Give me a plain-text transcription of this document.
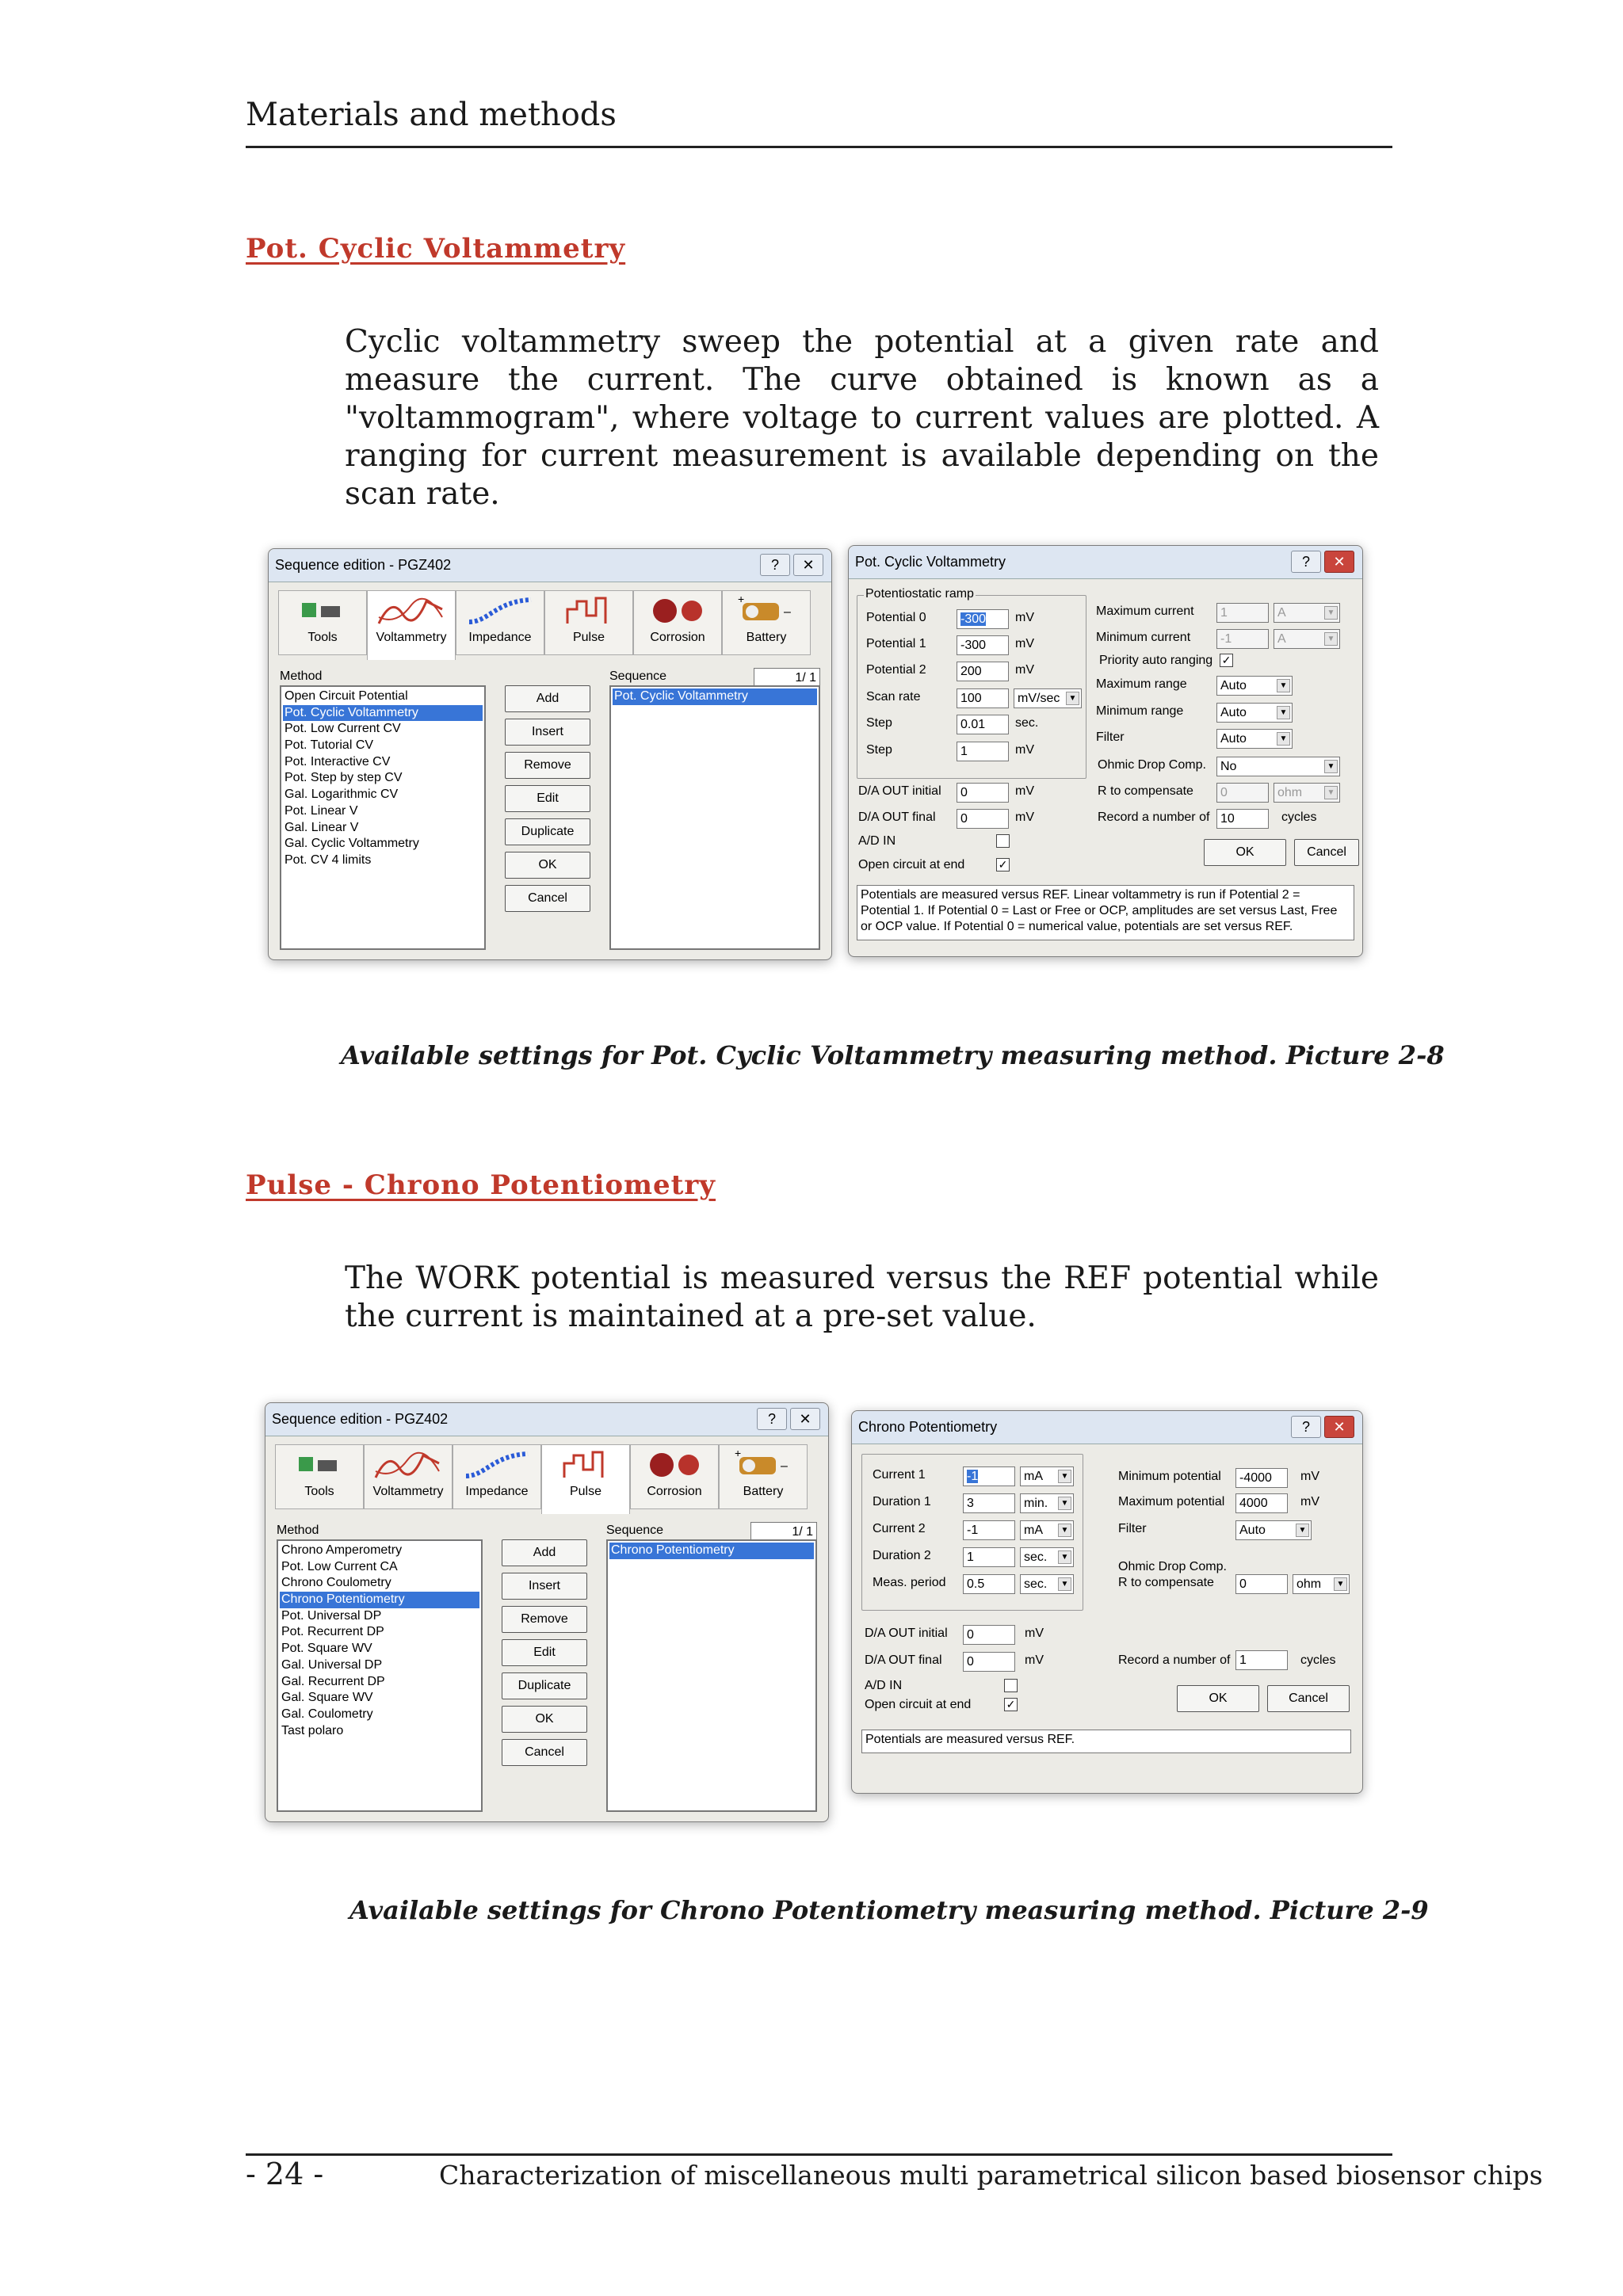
Materials and methods
Pot. Cyclic Voltammetry
Cyclic voltammetry sweep the potential at a given rate and measure the current. The curve obtained is known as a "voltammogram", where voltage to current values are plotted. A ranging for current measurement is available depending on the scan rate.
Sequence edition - PGZ402	?	✕
Tools	Voltammetry	Impedance	Pulse	Corrosion
+
–
Battery
Method	Sequence	1/ 1
Open Circuit Potential
Pot. Cyclic Voltammetry
Pot. Low Current CV
Pot. Tutorial CV
Pot. Interactive CV
Pot. Step by step CV
Gal. Logarithmic CV
Pot. Linear V
Gal. Linear V
Gal. Cyclic Voltammetry
Pot. CV 4 limits
Add
Insert
Remove
Edit
Duplicate
OK
Cancel
Pot. Cyclic Voltammetry
Pot. Cyclic Voltammetry	?	✕
Potentiostatic ramp
Potential 0	-300	mV
Potential 1	-300	mV
Potential 2	200	mV
Scan rate	100	mV/sec	▼
Step	0.01	sec.
Step	1	mV
Maximum current	1	A	▼
Minimum current	-1	A	▼
Priority auto ranging ✓
Maximum range	Auto	▼
Minimum range	Auto	▼
Filter	Auto	▼
Ohmic Drop Comp.	No	▼
R to compensate	0	ohm	▼
D/A OUT initial	0	mV
D/A OUT final	0	mV	Record a number of 10	cycles
A/D IN
Open circuit at end	✓
OK	Cancel
Potentials are measured versus REF. Linear voltammetry is run if Potential 2 = Potential 1. If Potential 0 = Last or Free or OCP, amplitudes are set versus Last, Free or OCP value. If Potential 0 = numerical value, potentials are set versus REF.
Available settings for Pot. Cyclic Voltammetry measuring method. Picture 2-8
Pulse - Chrono Potentiometry
The WORK potential is measured versus the REF potential while the current is maintained at a pre-set value.
Sequence edition - PGZ402	?	✕
Tools	Voltammetry	Impedance	Pulse	Corrosion
+
–
Battery
Method	Sequence	1/ 1
Chrono Amperometry
Pot. Low Current CA
Chrono Coulometry
Chrono Potentiometry
Pot. Universal DP
Pot. Recurrent DP
Pot. Square WV
Gal. Universal DP
Gal. Recurrent DP
Gal. Square WV
Gal. Coulometry
Tast polaro
Add
Insert
Remove
Edit
Duplicate
OK
Cancel
Chrono Potentiometry
Chrono Potentiometry	?	✕
Current 1	-1	mA	▼
Duration 1	3	min.	▼
Current 2	-1	mA	▼
Duration 2	1	sec.	▼
Meas. period	0.5	sec.	▼
Minimum potential	-4000	mV
Maximum potential	4000	mV
Filter	Auto	▼
Ohmic Drop Comp.
R to compensate	0	ohm	▼
D/A OUT initial	0	mV
D/A OUT final	0	mV	Record a number of 1	cycles
A/D IN
Open circuit at end	✓	OK	Cancel
Potentials are measured versus REF.
Available settings for Chrono Potentiometry measuring method. Picture 2-9
- 24 -	Characterization of miscellaneous multi parametrical silicon based biosensor chips
